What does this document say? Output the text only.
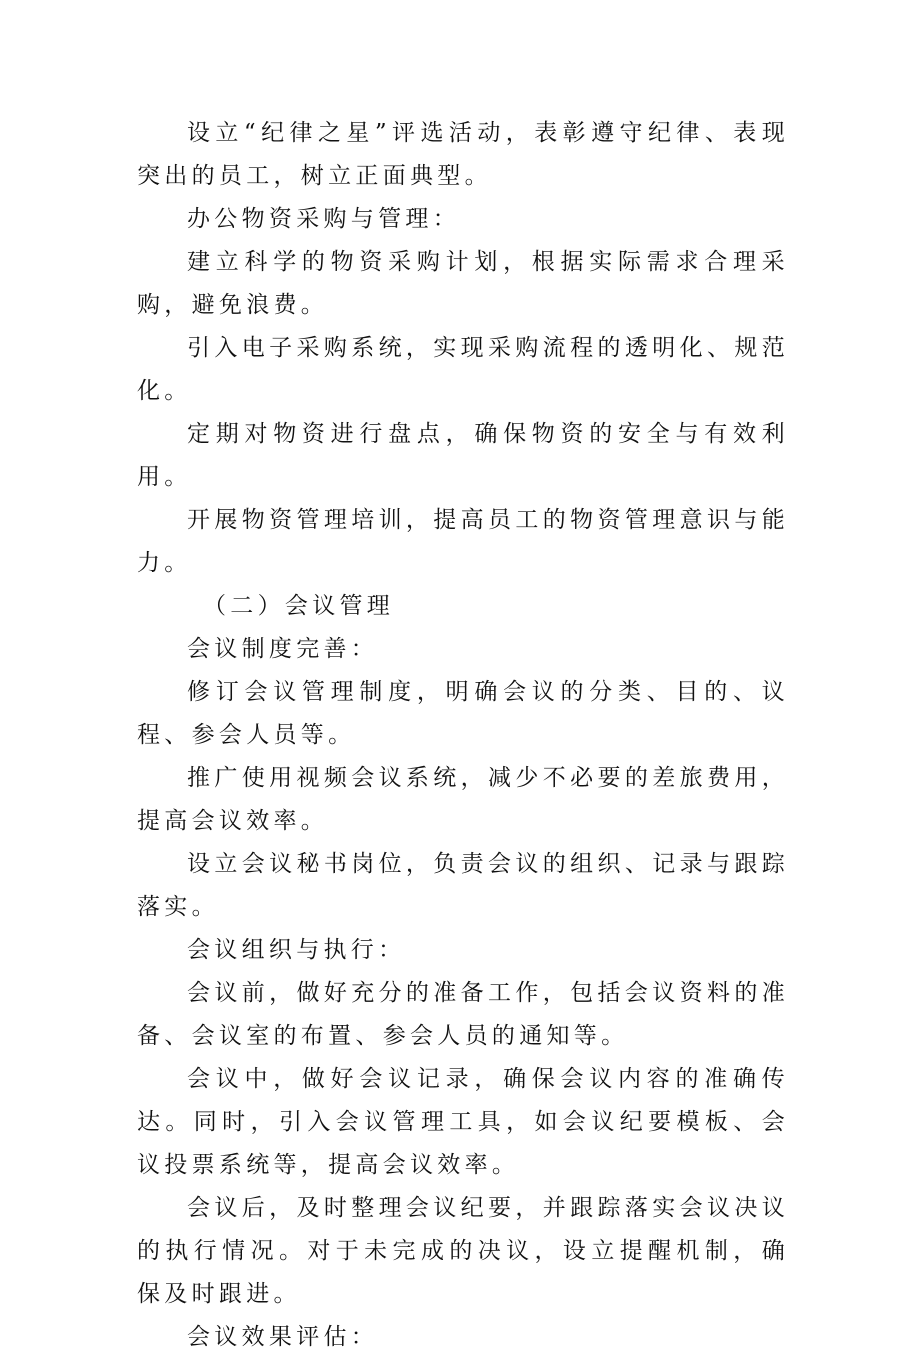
设立“纪律之星”评选活动，表彰遵守纪律、表现突出的员工，树立正面典型。

办公物资采购与管理：

建立科学的物资采购计划，根据实际需求合理采购，避免浪费。

引入电子采购系统，实现采购流程的透明化、规范化。

定期对物资进行盘点，确保物资的安全与有效利用。

开展物资管理培训，提高员工的物资管理意识与能力。

（二）会议管理

会议制度完善：

修订会议管理制度，明确会议的分类、目的、议程、参会人员等。

推广使用视频会议系统，减少不必要的差旅费用，提高会议效率。

设立会议秘书岗位，负责会议的组织、记录与跟踪落实。

会议组织与执行：

会议前，做好充分的准备工作，包括会议资料的准备、会议室的布置、参会人员的通知等。

会议中，做好会议记录，确保会议内容的准确传达。同时，引入会议管理工具，如会议纪要模板、会议投票系统等，提高会议效率。

会议后，及时整理会议纪要，并跟踪落实会议决议的执行情况。对于未完成的决议，设立提醒机制，确保及时跟进。

会议效果评估：
